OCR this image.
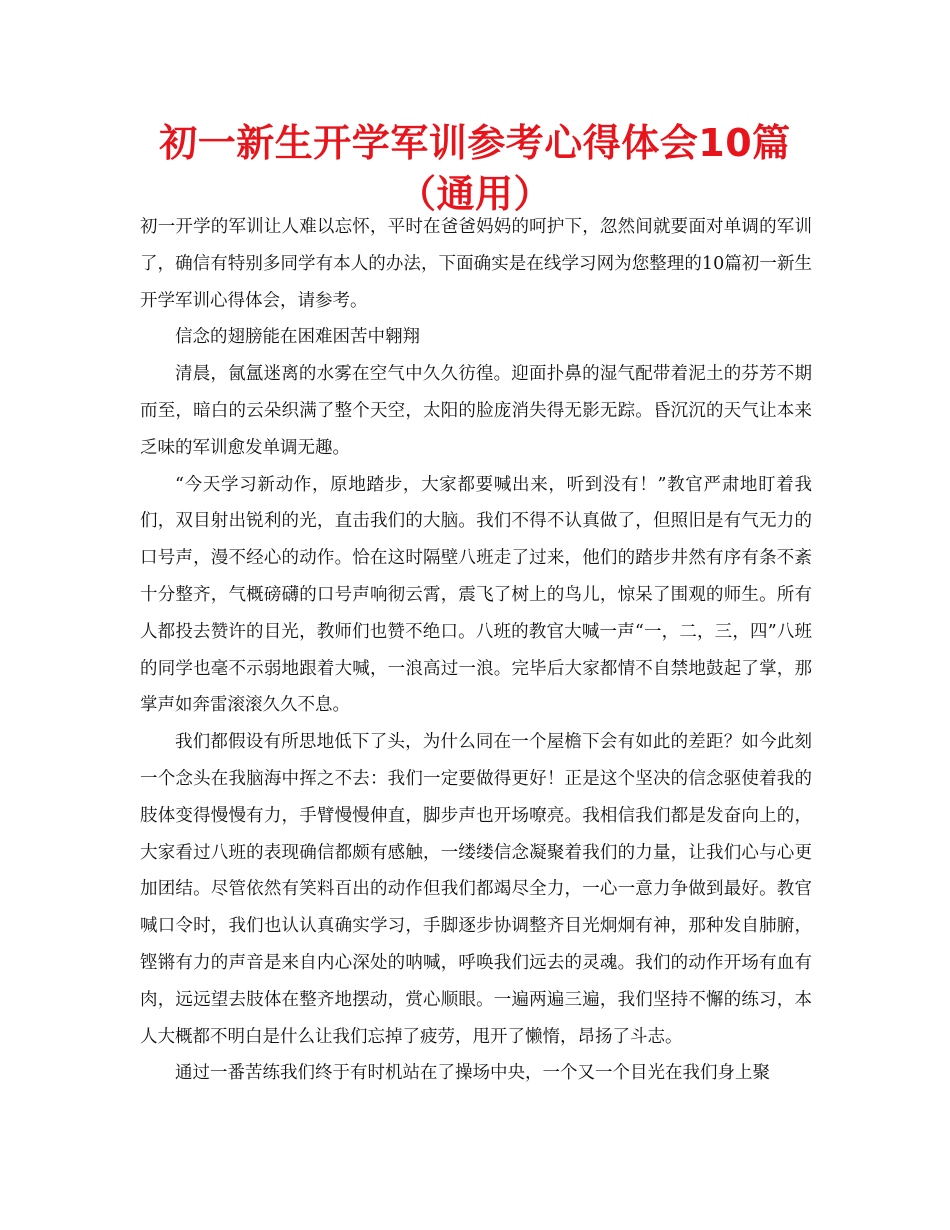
初一新生开学军训参考心得体会10篇（通用）

初一开学的军训让人难以忘怀，平时在爸爸妈妈的呵护下，忽然间就要面对单调的军训了，确信有特别多同学有本人的办法，下面确实是在线学习网为您整理的10篇初一新生开学军训心得体会，请参考。

信念的翅膀能在困难困苦中翱翔

清晨，氤氲迷离的水雾在空气中久久彷徨。迎面扑鼻的湿气配带着泥土的芬芳不期而至，暗白的云朵织满了整个天空，太阳的脸庞消失得无影无踪。昏沉沉的天气让本来乏味的军训愈发单调无趣。

“今天学习新动作，原地踏步，大家都要喊出来，听到没有！”教官严肃地盯着我们，双目射出锐利的光，直击我们的大脑。我们不得不认真做了，但照旧是有气无力的口号声，漫不经心的动作。恰在这时隔壁八班走了过来，他们的踏步井然有序有条不紊十分整齐，气概磅礴的口号声响彻云霄，震飞了树上的鸟儿，惊呆了围观的师生。所有人都投去赞许的目光，教师们也赞不绝口。八班的教官大喊一声“一，二，三，四”八班的同学也毫不示弱地跟着大喊，一浪高过一浪。完毕后大家都情不自禁地鼓起了掌，那掌声如奔雷滚滚久久不息。

我们都假设有所思地低下了头，为什么同在一个屋檐下会有如此的差距？如今此刻一个念头在我脑海中挥之不去：我们一定要做得更好！正是这个坚决的信念驱使着我的肢体变得慢慢有力，手臂慢慢伸直，脚步声也开场嘹亮。我相信我们都是发奋向上的，大家看过八班的表现确信都颇有感触，一缕缕信念凝聚着我们的力量，让我们心与心更加团结。尽管依然有笑料百出的动作但我们都竭尽全力，一心一意力争做到最好。教官喊口令时，我们也认认真确实学习，手脚逐步协调整齐目光炯炯有神，那种发自肺腑，铿锵有力的声音是来自内心深处的呐喊，呼唤我们远去的灵魂。我们的动作开场有血有肉，远远望去肢体在整齐地摆动，赏心顺眼。一遍两遍三遍，我们坚持不懈的练习，本人大概都不明白是什么让我们忘掉了疲劳，甩开了懒惰，昂扬了斗志。

通过一番苦练我们终于有时机站在了操场中央，一个又一个目光在我们身上聚
